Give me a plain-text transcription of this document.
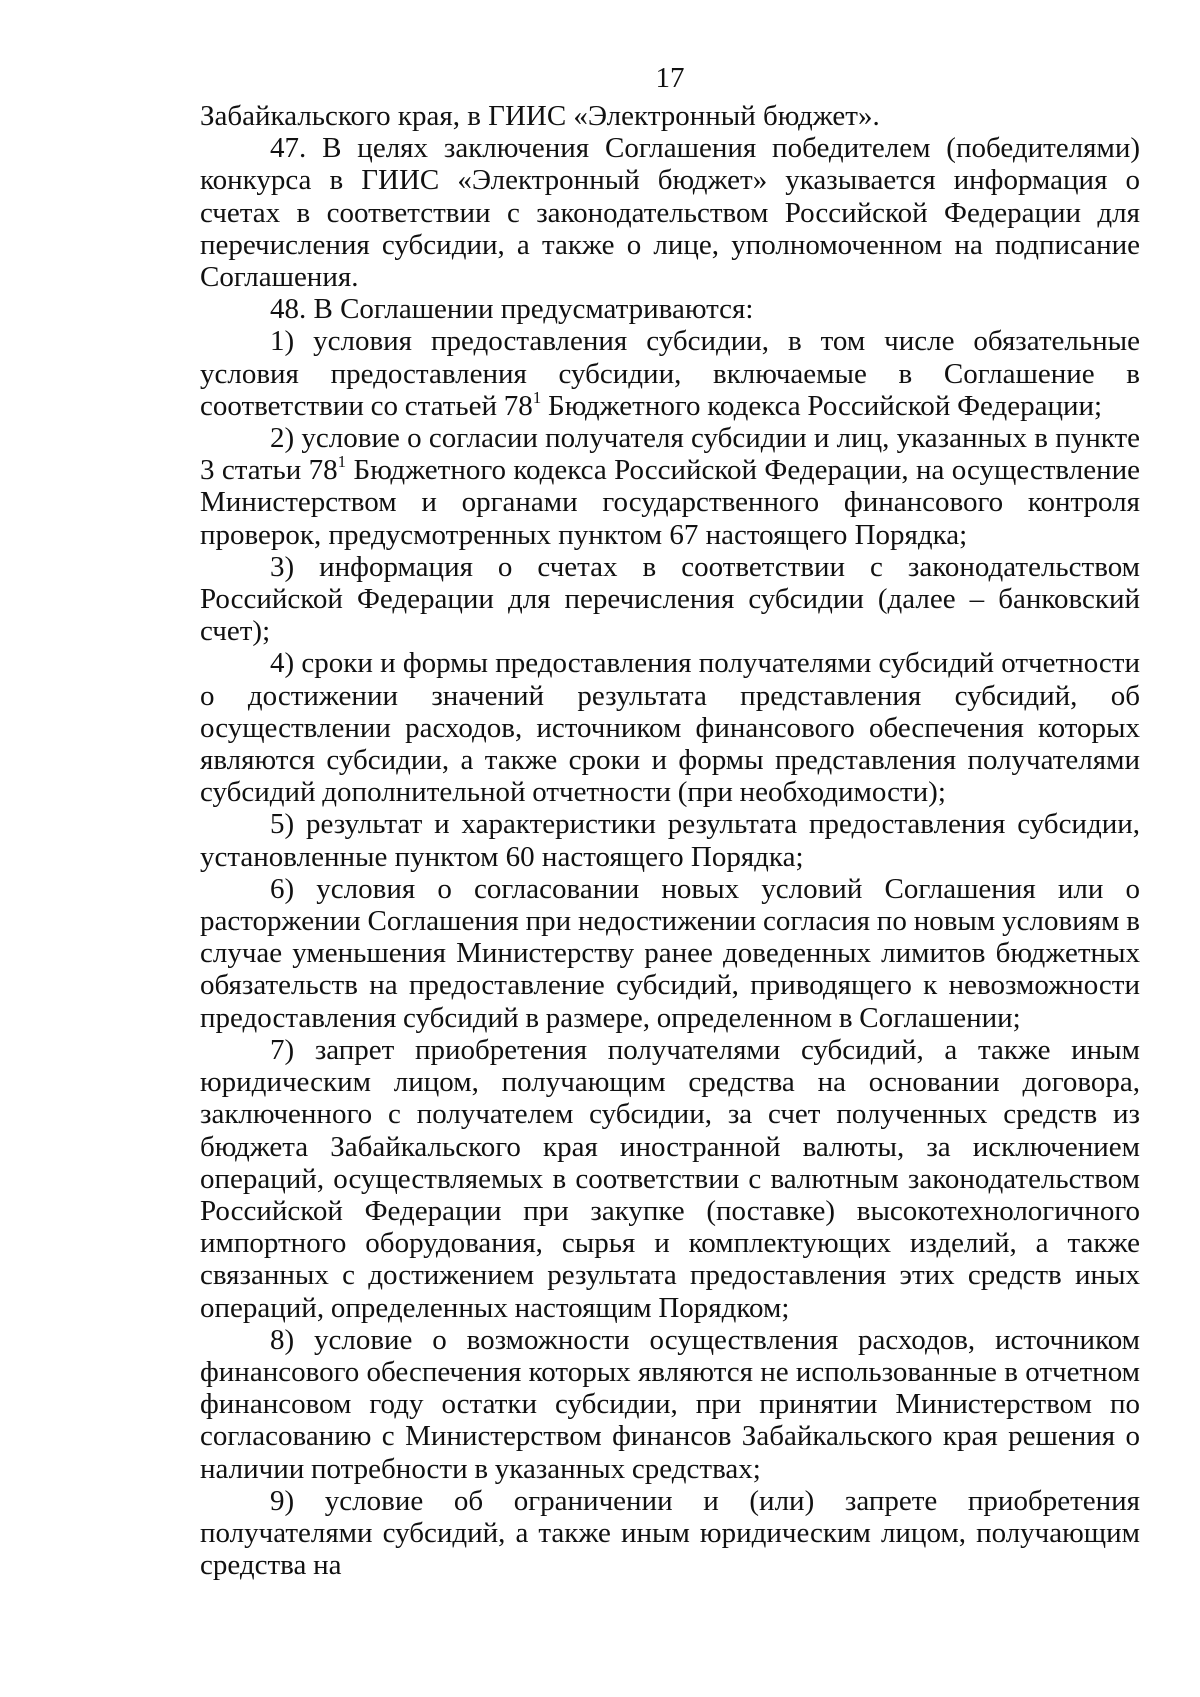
17

Забайкальского края, в ГИИС «Электронный бюджет».

47. В целях заключения Соглашения победителем (победителями) конкурса в ГИИС «Электронный бюджет» указывается информация о счетах в соответствии с законодательством Российской Федерации для перечисления субсидии, а также о лице, уполномоченном на подписание Соглашения.

48. В Соглашении предусматриваются:

1) условия предоставления субсидии, в том числе обязательные условия предоставления субсидии, включаемые в Соглашение в соответствии со статьей $78^1$ Бюджетного кодекса Российской Федерации;

2) условие о согласии получателя субсидии и лиц, указанных в пункте 3 статьи $78^1$ Бюджетного кодекса Российской Федерации, на осуществление Министерством и органами государственного финансового контроля проверок, предусмотренных пунктом 67 настоящего Порядка;

3) информация о счетах в соответствии с законодательством Российской Федерации для перечисления субсидии (далее – банковский счет);

4) сроки и формы предоставления получателями субсидий отчетности о достижении значений результата представления субсидий, об осуществлении расходов, источником финансового обеспечения которых являются субсидии, а также сроки и формы представления получателями субсидий дополнительной отчетности (при необходимости);

5) результат и характеристики результата предоставления субсидии, установленные пунктом 60 настоящего Порядка;

6) условия о согласовании новых условий Соглашения или о расторжении Соглашения при недостижении согласия по новым условиям в случае уменьшения Министерству ранее доведенных лимитов бюджетных обязательств на предоставление субсидий, приводящего к невозможности предоставления субсидий в размере, определенном в Соглашении;

7) запрет приобретения получателями субсидий, а также иным юридическим лицом, получающим средства на основании договора, заключенного с получателем субсидии, за счет полученных средств из бюджета Забайкальского края иностранной валюты, за исключением операций, осуществляемых в соответствии с валютным законодательством Российской Федерации при закупке (поставке) высокотехнологичного импортного оборудования, сырья и комплектующих изделий, а также связанных с достижением результата предоставления этих средств иных операций, определенных настоящим Порядком;

8) условие о возможности осуществления расходов, источником финансового обеспечения которых являются не использованные в отчетном финансовом году остатки субсидии, при принятии Министерством по согласованию с Министерством финансов Забайкальского края решения о наличии потребности в указанных средствах;

9) условие об ограничении и (или) запрете приобретения получателями субсидий, а также иным юридическим лицом, получающим средства на
